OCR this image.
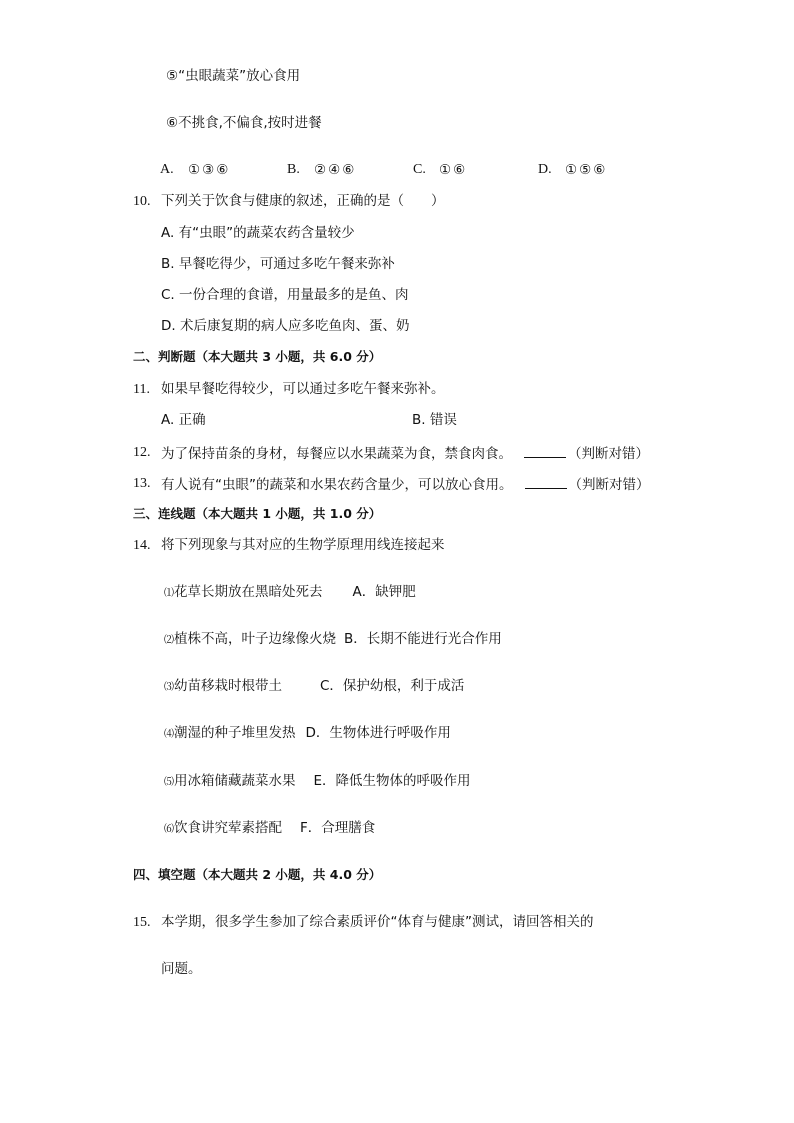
⑤“虫眼蔬菜”放心食用
⑥不挑食,不偏食,按时进餐
A. ①③⑥	B. ②④⑥	C. ①⑥	D. ①⑤⑥
10. 下列关于饮食与健康的叙述，正确的是（　　）
A. 有“虫眼”的蔬菜农药含量较少
B. 早餐吃得少，可通过多吃午餐来弥补
C. 一份合理的食谱，用量最多的是鱼、肉
D. 术后康复期的病人应多吃鱼肉、蛋、奶
二、判断题（本大题共 3 小题，共 6.0 分）
11. 如果早餐吃得较少，可以通过多吃午餐来弥补。
A. 正确	B. 错误
12. 为了保持苗条的身材，每餐应以水果蔬菜为食，禁食肉食。	（判断对错）
13. 有人说有“虫眼”的蔬菜和水果农药含量少，可以放心食用。	（判断对错）
三、连线题（本大题共 1 小题，共 1.0 分）
14. 将下列现象与其对应的生物学原理用线连接起来
⑴花草长期放在黑暗处死去 A．缺钾肥
⑵植株不高，叶子边缘像火烧 B．长期不能进行光合作用
⑶幼苗移栽时根带土	C．保护幼根，利于成活
⑷潮湿的种子堆里发热 D．生物体进行呼吸作用
⑸用冰箱储藏蔬菜水果 E．降低生物体的呼吸作用
⑹饮食讲究荤素搭配 F．合理膳食
四、填空题（本大题共 2 小题，共 4.0 分）
15. 本学期，很多学生参加了综合素质评价“体育与健康”测试，请回答相关的
问题。
